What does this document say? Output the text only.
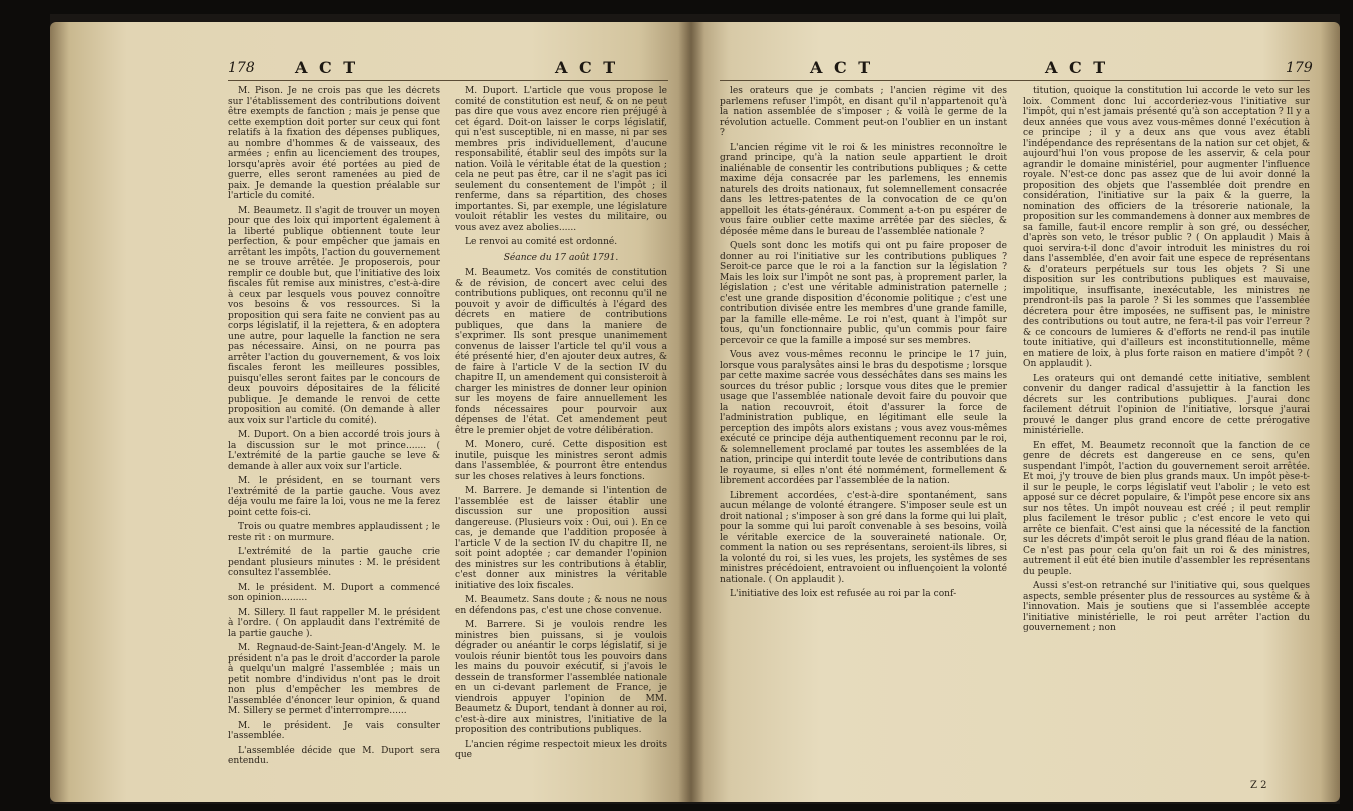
178	A C T	A C T

M. Pison. Je ne crois pas que les décrets sur l'établissement des contributions doivent être exempts de fanction ; mais je pense que cette exemption doit porter sur ceux qui font relatifs à la fixation des dépenses publiques, au nombre d'hommes & de vaisseaux, des armées ; enfin au licenciement des troupes, lorsqu'après avoir été portées au pied de guerre, elles seront ramenées au pied de paix. Je demande la question préalable sur l'article du comité.

M. Beaumetz. Il s'agit de trouver un moyen pour que des loix qui importent également à la liberté publique obtiennent toute leur perfection, & pour empêcher que jamais en arrêtant les impôts, l'action du gouvernement ne se trouve arrêtée. Je proposerois, pour remplir ce double but, que l'initiative des loix fiscales fût remise aux ministres, c'est-à-dire à ceux par lesquels vous pouvez connoître vos besoins & vos ressources. Si la proposition qui sera faite ne convient pas au corps législatif, il la rejettera, & en adoptera une autre, pour laquelle la fanction ne sera pas nécessaire. Ainsi, on ne pourra pas arrêter l'action du gouvernement, & vos loix fiscales feront les meilleures possibles, puisqu'elles seront faites par le concours de deux pouvoirs dépositaires de la félicité publique. Je demande le renvoi de cette proposition au comité. (On demande à aller aux voix sur l'article du comité).

M. Duport. On a bien accordé trois jours à la discussion sur le mot prince....... ( L'extrémité de la partie gauche se leve & demande à aller aux voix sur l'article.

M. le président, en se tournant vers l'extrémité de la partie gauche. Vous avez déja voulu me faire la loi, vous ne me la ferez point cette fois-ci.

Trois ou quatre membres applaudissent ; le reste rit : on murmure.

L'extrémité de la partie gauche crie pendant plusieurs minutes : M. le président consultez l'assemblée.

M. le président. M. Duport a commencé son opinion.........

M. Sillery. Il faut rappeller M. le président à l'ordre. ( On applaudit dans l'extrémité de la partie gauche ).

M. Regnaud-de-Saint-Jean-d'Angely. M. le président n'a pas le droit d'accorder la parole à quelqu'un malgré l'assemblée ; mais un petit nombre d'individus n'ont pas le droit non plus d'empêcher les membres de l'assemblée d'énoncer leur opinion, & quand M. Sillery se permet d'interrompre......

M. le président. Je vais consulter l'assemblée.

L'assemblée décide que M. Duport sera entendu.

M. Duport. L'article que vous propose le comité de constitution est neuf, & on ne peut pas dire que vous avez encore rien préjugé à cet égard. Doit-on laisser le corps législatif, qui n'est susceptible, ni en masse, ni par ses membres pris individuellement, d'aucune responsabilité, établir seul des impôts sur la nation. Voilà le véritable état de la question ; cela ne peut pas être, car il ne s'agit pas ici seulement du consentement de l'impôt ; il renferme, dans sa répartition, des choses importantes. Si, par exemple, une législature vouloit rétablir les vestes du militaire, ou vous avez avez abolies......

Le renvoi au comité est ordonné.

Séance du 17 août 1791.

M. Beaumetz. Vos comités de constitution & de révision, de concert avec celui des contributions publiques, ont reconnu qu'il ne pouvoit y avoir de difficultés à l'égard des décrets en matiere de contributions publiques, que dans la maniere de s'exprimer. Ils sont presque unanimement convenus de laisser l'article tel qu'il vous a été présenté hier, d'en ajouter deux autres, & de faire à l'article V de la section IV du chapitre II, un amendement qui consisteroit à charger les ministres de donner leur opinion sur les moyens de faire annuellement les fonds nécessaires pour pourvoir aux dépenses de l'état. Cet amendement peut être le premier objet de votre délibération.

M. Monero, curé. Cette disposition est inutile, puisque les ministres seront admis dans l'assemblée, & pourront être entendus sur les choses relatives à leurs fonctions.

M. Barrere. Je demande si l'intention de l'assemblée est de laisser établir une discussion sur une proposition aussi dangereuse. (Plusieurs voix : Oui, oui ). En ce cas, je demande que l'addition proposée à l'article V de la section IV du chapitre II, ne soit point adoptée ; car demander l'opinion des ministres sur les contributions à établir, c'est donner aux ministres la véritable initiative des loix fiscales.

M. Beaumetz. Sans doute ; & nous ne nous en défendons pas, c'est une chose convenue.

M. Barrere. Si je voulois rendre les ministres bien puissans, si je voulois dégrader ou anéantir le corps législatif, si je voulois réunir bientôt tous les pouvoirs dans les mains du pouvoir exécutif, si j'avois le dessein de transformer l'assemblée nationale en un ci-devant parlement de France, je viendrois appuyer l'opinion de MM. Beaumetz & Duport, tendant à donner au roi, c'est-à-dire aux ministres, l'initiative de la proposition des contributions publiques.

L'ancien régime respectoit mieux les droits que

A C T	A C T	179

les orateurs que je combats ; l'ancien régime vit des parlemens refuser l'impôt, en disant qu'il n'appartenoit qu'à la nation assemblée de s'imposer ; & voilà le germe de la révolution actuelle. Comment peut-on l'oublier en un instant ?

L'ancien régime vit le roi & les ministres reconnoître le grand principe, qu'à la nation seule appartient le droit inaliénable de consentir les contributions publiques ; & cette maxime déja consacrée par les parlemens, les ennemis naturels des droits nationaux, fut solemnellement consacrée dans les lettres-patentes de la convocation de ce qu'on appelloit les états-généraux. Comment a-t-on pu espérer de vous faire oublier cette maxime arrêtée par des siècles, & déposée même dans le bureau de l'assemblée nationale ?

Quels sont donc les motifs qui ont pu faire proposer de donner au roi l'initiative sur les contributions publiques ? Seroit-ce parce que le roi a la fanction sur la législation ? Mais les loix sur l'impôt ne sont pas, à proprement parler, la législation ; c'est une véritable administration paternelle ; c'est une grande disposition d'économie politique ; c'est une contribution divisée entre les membres d'une grande famille, par la famille elle-même. Le roi n'est, quant à l'impôt sur tous, qu'un fonctionnaire public, qu'un commis pour faire percevoir ce que la famille a imposé sur ses membres.

Vous avez vous-mêmes reconnu le principe le 17 juin, lorsque vous paralysâtes ainsi le bras du despotisme ; lorsque par cette maxime sacrée vous desséchâtes dans ses mains les sources du trésor public ; lorsque vous dites que le premier usage que l'assemblée nationale devoit faire du pouvoir que la nation recouvroit, étoit d'assurer la force de l'administration publique, en légitimant elle seule la perception des impôts alors existans ; vous avez vous-mêmes exécuté ce principe déja authentiquement reconnu par le roi, & solemnellement proclamé par toutes les assemblées de la nation, principe qui interdit toute levée de contributions dans le royaume, si elles n'ont été nommément, formellement & librement accordées par l'assemblée de la nation.

Librement accordées, c'est-à-dire spontanément, sans aucun mélange de volonté étrangere. S'imposer seule est un droit national ; s'imposer à son gré dans la forme qui lui plaît, pour la somme qui lui paroît convenable à ses besoins, voilà le véritable exercice de la souveraineté nationale. Or, comment la nation ou ses représentans, seroient-ils libres, si la volonté du roi, si les vues, les projets, les systêmes de ses ministres précédoient, entravoient ou influençoient la volonté nationale. ( On applaudit ).

L'initiative des loix est refusée au roi par la conf-

titution, quoique la constitution lui accorde le veto sur les loix. Comment donc lui accorderiez-vous l'initiative sur l'impôt, qui n'est jamais présenté qu'à son acceptation ? Il y a deux années que vous avez vous-mêmes donné l'exécution à ce principe ; il y a deux ans que vous avez établi l'indépendance des représentans de la nation sur cet objet, & aujourd'hui l'on vous propose de les asservir, & cela pour agrandir le domaine ministériel, pour augmenter l'influence royale. N'est-ce donc pas assez que de lui avoir donné la proposition des objets que l'assemblée doit prendre en considération, l'initiative sur la paix & la guerre, la nomination des officiers de la trésorerie nationale, la proposition sur les commandemens à donner aux membres de sa famille, faut-il encore remplir à son gré, ou dessécher, d'après son veto, le trésor public ? ( On applaudit ) Mais à quoi servira-t-il donc d'avoir introduit les ministres du roi dans l'assemblée, d'en avoir fait une espece de représentans & d'orateurs perpétuels sur tous les objets ? Si une disposition sur les contributions publiques est mauvaise, impolitique, insuffisante, inexécutable, les ministres ne prendront-ils pas la parole ? Si les sommes que l'assemblée décretera pour être imposées, ne suffisent pas, le ministre des contributions ou tout autre, ne fera-t-il pas voir l'erreur ? & ce concours de lumieres & d'efforts ne rend-il pas inutile toute initiative, qui d'ailleurs est inconstitutionnelle, même en matiere de loix, à plus forte raison en matiere d'impôt ? ( On applaudit ).

Les orateurs qui ont demandé cette initiative, semblent convenir du danger radical d'assujettir à la fanction les décrets sur les contributions publiques. J'aurai donc facilement détruit l'opinion de l'initiative, lorsque j'aurai prouvé le danger plus grand encore de cette prérogative ministérielle.

En effet, M. Beaumetz reconnoît que la fanction de ce genre de décrets est dangereuse en ce sens, qu'en suspendant l'impôt, l'action du gouvernement seroit arrêtée. Et moi, j'y trouve de bien plus grands maux. Un impôt pèse-t-il sur le peuple, le corps législatif veut l'abolir ; le veto est apposé sur ce décret populaire, & l'impôt pese encore six ans sur nos têtes. Un impôt nouveau est créé ; il peut remplir plus facilement le trésor public ; c'est encore le veto qui arrête ce bienfait. C'est ainsi que la nécessité de la fanction sur les décrets d'impôt seroit le plus grand fléau de la nation. Ce n'est pas pour cela qu'on fait un roi & des ministres, autrement il eût été bien inutile d'assembler les représentans du peuple.

Aussi s'est-on retranché sur l'initiative qui, sous quelques aspects, semble présenter plus de ressources au systême & à l'innovation. Mais je soutiens que si l'assemblée accepte l'initiative ministérielle, le roi peut arrêter l'action du gouvernement ; non

Z 2
